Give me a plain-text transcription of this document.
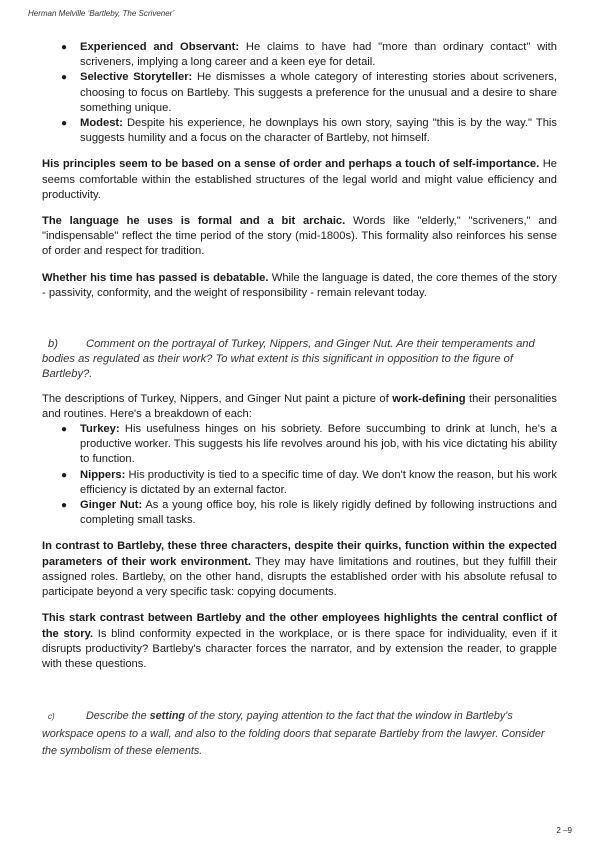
Herman Melville ‘Bartleby, The Scrivener’
● Experienced and Observant: He claims to have had "more than ordinary contact" with scriveners, implying a long career and a keen eye for detail.
● Selective Storyteller: He dismisses a whole category of interesting stories about scriveners, choosing to focus on Bartleby. This suggests a preference for the unusual and a desire to share something unique.
● Modest: Despite his experience, he downplays his own story, saying "this is by the way." This suggests humility and a focus on the character of Bartleby, not himself.

His principles seem to be based on a sense of order and perhaps a touch of self-importance. He seems comfortable within the established structures of the legal world and might value efficiency and productivity.

The language he uses is formal and a bit archaic. Words like "elderly," "scriveners," and "indispensable" reflect the time period of the story (mid-1800s). This formality also reinforces his sense of order and respect for tradition.

Whether his time has passed is debatable. While the language is dated, the core themes of the story - passivity, conformity, and the weight of responsibility - remain relevant today.

b)	Comment on the portrayal of Turkey, Nippers, and Ginger Nut. Are their temperaments and bodies as regulated as their work? To what extent is this significant in opposition to the figure of Bartleby?.

The descriptions of Turkey, Nippers, and Ginger Nut paint a picture of work-defining their personalities and routines. Here's a breakdown of each:

● Turkey: His usefulness hinges on his sobriety. Before succumbing to drink at lunch, he's a productive worker. This suggests his life revolves around his job, with his vice dictating his ability to function.
● Nippers: His productivity is tied to a specific time of day. We don't know the reason, but his work efficiency is dictated by an external factor.
● Ginger Nut: As a young office boy, his role is likely rigidly defined by following instructions and completing small tasks.

In contrast to Bartleby, these three characters, despite their quirks, function within the expected parameters of their work environment. They may have limitations and routines, but they fulfill their assigned roles. Bartleby, on the other hand, disrupts the established order with his absolute refusal to participate beyond a very specific task: copying documents.

This stark contrast between Bartleby and the other employees highlights the central conflict of the story. Is blind conformity expected in the workplace, or is there space for individuality, even if it disrupts productivity? Bartleby's character forces the narrator, and by extension the reader, to grapple with these questions.

c)	Describe the setting of the story, paying attention to the fact that the window in Bartleby's workspace opens to a wall, and also to the folding doors that separate Bartleby from the lawyer. Consider the symbolism of these elements.

2 –9
